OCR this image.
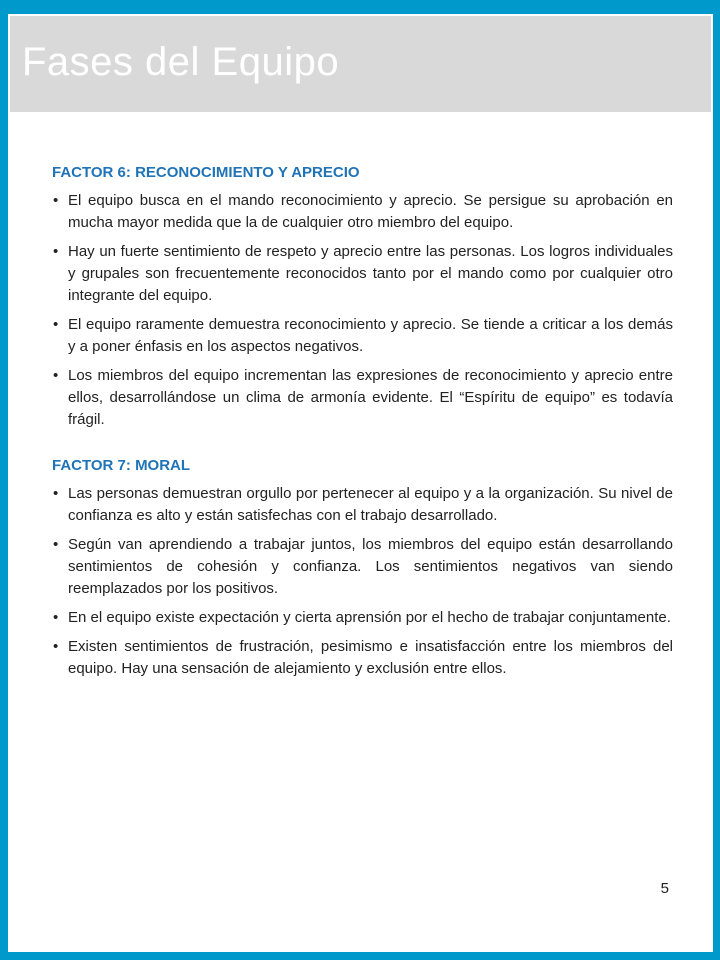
Fases del Equipo
FACTOR 6: RECONOCIMIENTO Y APRECIO
• El equipo busca en el mando reconocimiento y aprecio. Se persigue su aprobación en mucha mayor medida que la de cualquier otro miembro del equipo.
• Hay un fuerte sentimiento de respeto y aprecio entre las personas. Los logros individuales y grupales son frecuentemente reconocidos tanto por el mando como por cualquier otro integrante del equipo.
• El equipo raramente demuestra reconocimiento y aprecio. Se tiende a criticar a los demás y a poner énfasis en los aspectos negativos.
• Los miembros del equipo incrementan las expresiones de reconocimiento y aprecio entre ellos, desarrollándose un clima de armonía evidente. El “Espíritu de equipo” es todavía frágil.
FACTOR 7: MORAL
• Las personas demuestran orgullo por pertenecer al equipo y a la organización. Su nivel de confianza es alto y están satisfechas con el trabajo desarrollado.
• Según van aprendiendo a trabajar juntos, los miembros del equipo están desarrollando sentimientos de cohesión y confianza. Los sentimientos negativos van siendo reemplazados por los positivos.
• En el equipo existe expectación y cierta aprensión por el hecho de trabajar conjuntamente.
• Existen sentimientos de frustración, pesimismo e insatisfacción entre los miembros del equipo. Hay una sensación de alejamiento y exclusión entre ellos.
5
